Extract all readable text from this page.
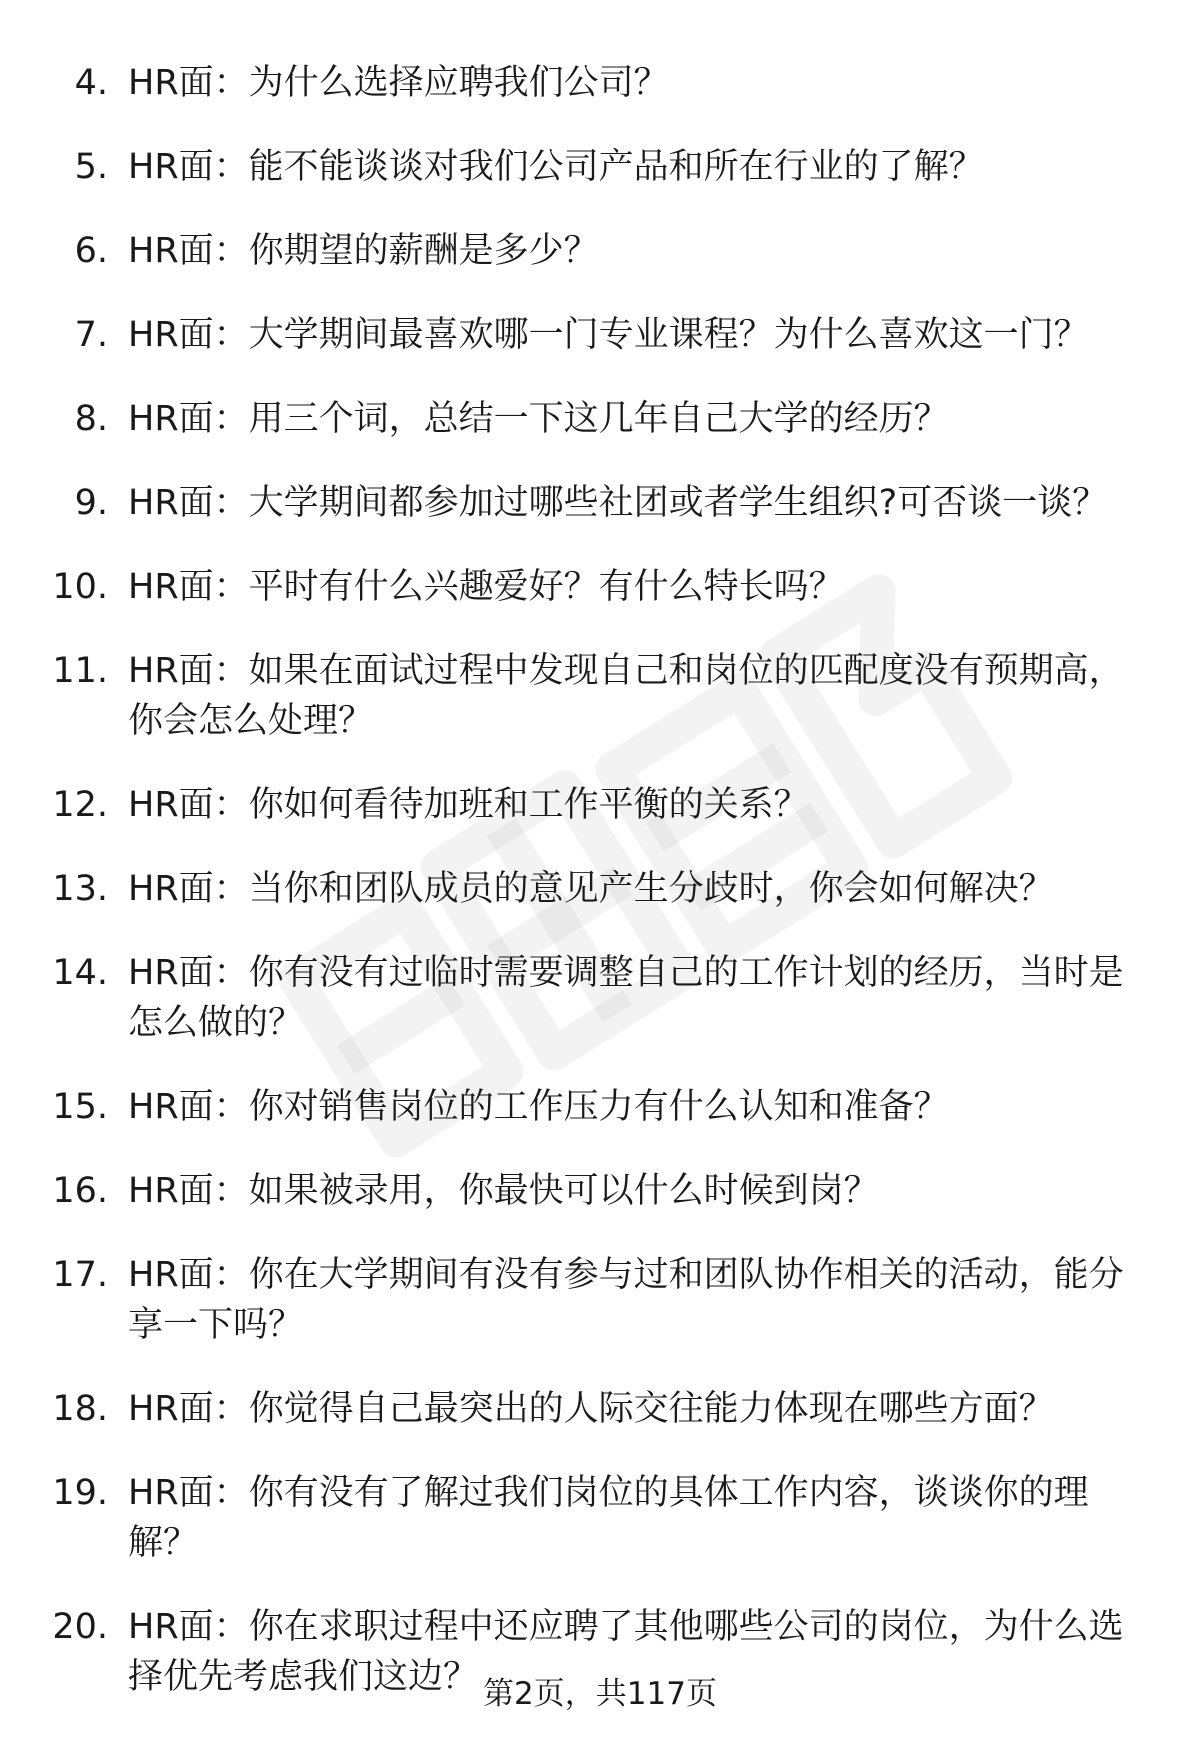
4. HR面：为什么选择应聘我们公司？
5. HR面：能不能谈谈对我们公司产品和所在行业的了解？
6. HR面：你期望的薪酬是多少？
7. HR面：大学期间最喜欢哪一门专业课程？为什么喜欢这一门？
8. HR面：用三个词，总结一下这几年自己大学的经历？
9. HR面：大学期间都参加过哪些社团或者学生组织?可否谈一谈？
10. HR面：平时有什么兴趣爱好？有什么特长吗？
11. HR面：如果在面试过程中发现自己和岗位的匹配度没有预期高，你会怎么处理？
12. HR面：你如何看待加班和工作平衡的关系？
13. HR面：当你和团队成员的意见产生分歧时，你会如何解决？
14. HR面：你有没有过临时需要调整自己的工作计划的经历，当时是怎么做的？
15. HR面：你对销售岗位的工作压力有什么认知和准备？
16. HR面：如果被录用，你最快可以什么时候到岗？
17. HR面：你在大学期间有没有参与过和团队协作相关的活动，能分享一下吗？
18. HR面：你觉得自己最突出的人际交往能力体现在哪些方面？
19. HR面：你有没有了解过我们岗位的具体工作内容，谈谈你的理解？
20. HR面：你在求职过程中还应聘了其他哪些公司的岗位，为什么选择优先考虑我们这边？ 第2页，共117页
